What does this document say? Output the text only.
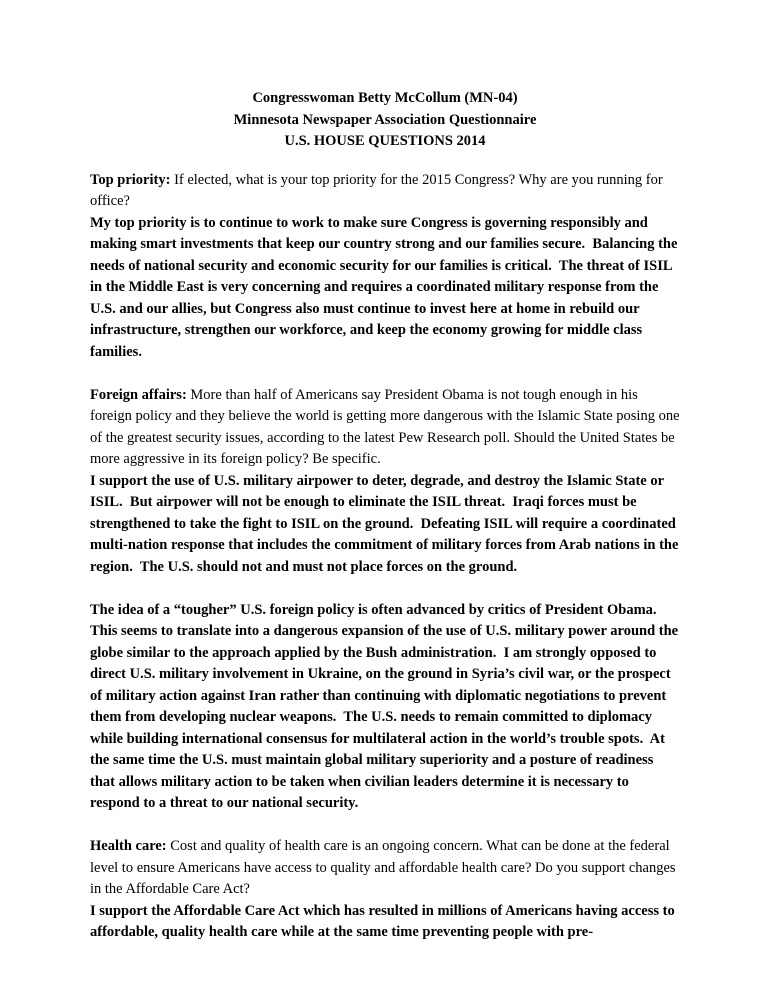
Congresswoman Betty McCollum (MN-04)

Minnesota Newspaper Association Questionnaire

U.S. HOUSE QUESTIONS 2014

Top priority: If elected, what is your top priority for the 2015 Congress? Why are you running for office?

My top priority is to continue to work to make sure Congress is governing responsibly and making smart investments that keep our country strong and our families secure.  Balancing the needs of national security and economic security for our families is critical.  The threat of ISIL in the Middle East is very concerning and requires a coordinated military response from the U.S. and our allies, but Congress also must continue to invest here at home in rebuild our infrastructure, strengthen our workforce, and keep the economy growing for middle class families.

Foreign affairs: More than half of Americans say President Obama is not tough enough in his foreign policy and they believe the world is getting more dangerous with the Islamic State posing one of the greatest security issues, according to the latest Pew Research poll. Should the United States be more aggressive in its foreign policy? Be specific.

I support the use of U.S. military airpower to deter, degrade, and destroy the Islamic State or ISIL.  But airpower will not be enough to eliminate the ISIL threat.  Iraqi forces must be strengthened to take the fight to ISIL on the ground.  Defeating ISIL will require a coordinated multi-nation response that includes the commitment of military forces from Arab nations in the region.  The U.S. should not and must not place forces on the ground.

The idea of a “tougher” U.S. foreign policy is often advanced by critics of President Obama. This seems to translate into a dangerous expansion of the use of U.S. military power around the globe similar to the approach applied by the Bush administration.  I am strongly opposed to direct U.S. military involvement in Ukraine, on the ground in Syria’s civil war, or the prospect of military action against Iran rather than continuing with diplomatic negotiations to prevent them from developing nuclear weapons.  The U.S. needs to remain committed to diplomacy while building international consensus for multilateral action in the world’s trouble spots.  At the same time the U.S. must maintain global military superiority and a posture of readiness that allows military action to be taken when civilian leaders determine it is necessary to respond to a threat to our national security.

Health care: Cost and quality of health care is an ongoing concern. What can be done at the federal level to ensure Americans have access to quality and affordable health care? Do you support changes in the Affordable Care Act?

I support the Affordable Care Act which has resulted in millions of Americans having access to affordable, quality health care while at the same time preventing people with pre-
